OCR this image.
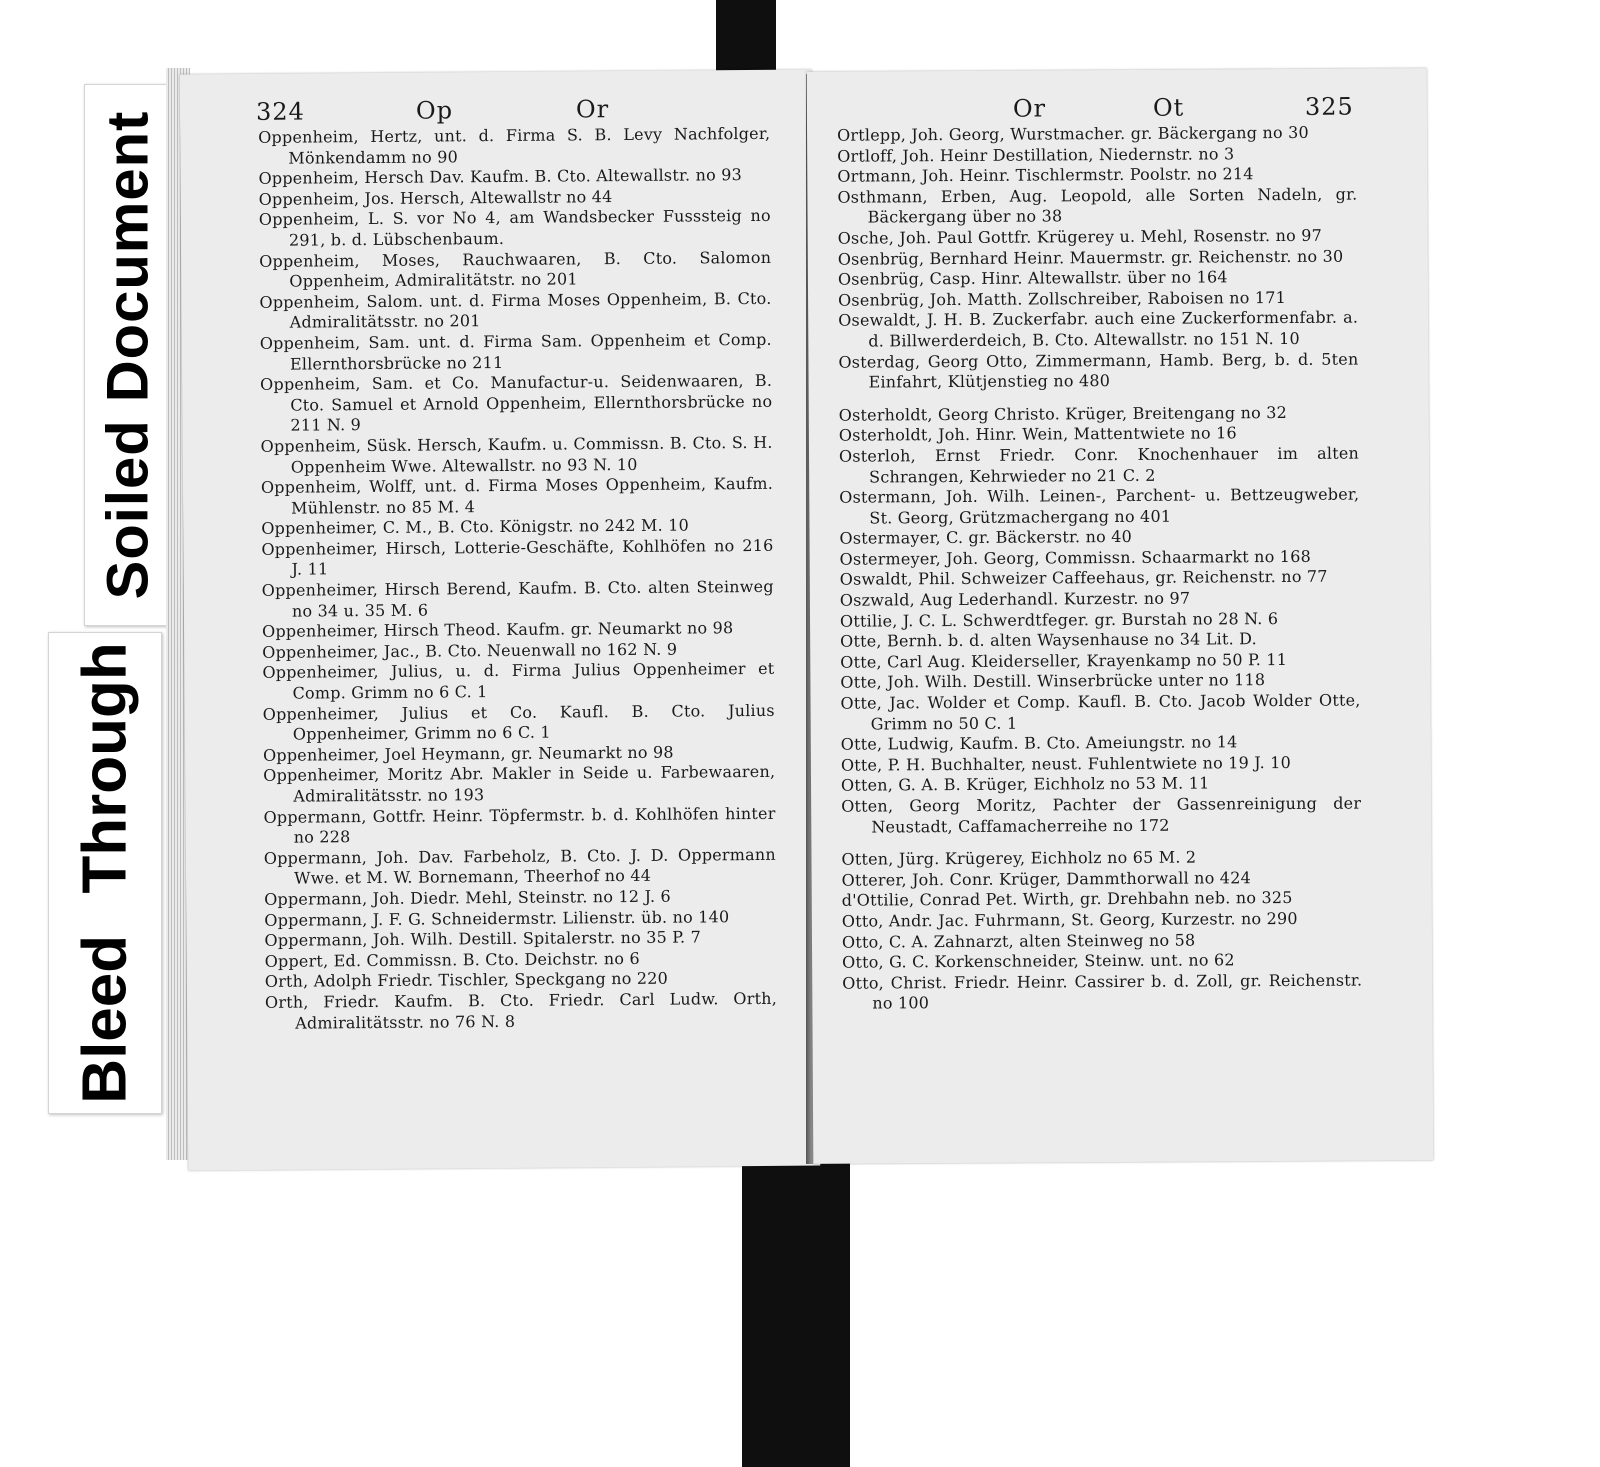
Soiled Document
Bleed Through
324	Op	Or
Oppenheim, Hertz, unt. d. Firma S. B. Levy Nachfolger, Mönkendamm no 90
Oppenheim, Hersch Dav. Kaufm. B. Cto. Altewallstr. no 93
Oppenheim, Jos. Hersch, Altewallstr no 44
Oppenheim, L. S. vor No 4, am Wandsbecker Fusssteig no 291, b. d. Lübschenbaum.
Oppenheim, Moses, Rauchwaaren, B. Cto. Salomon Oppenheim, Admiralitätstr. no 201
Oppenheim, Salom. unt. d. Firma Moses Oppenheim, B. Cto. Admiralitätsstr. no 201
Oppenheim, Sam. unt. d. Firma Sam. Oppenheim et Comp. Ellernthorsbrücke no 211
Oppenheim, Sam. et Co. Manufactur-u. Seidenwaaren, B. Cto. Samuel et Arnold Oppenheim, Ellernthorsbrücke no 211 N. 9
Oppenheim, Süsk. Hersch, Kaufm. u. Commissn. B. Cto. S. H. Oppenheim Wwe. Altewallstr. no 93 N. 10
Oppenheim, Wolff, unt. d. Firma Moses Oppenheim, Kaufm. Mühlenstr. no 85 M. 4
Oppenheimer, C. M., B. Cto. Königstr. no 242 M. 10
Oppenheimer, Hirsch, Lotterie-Geschäfte, Kohlhöfen no 216 J. 11
Oppenheimer, Hirsch Berend, Kaufm. B. Cto. alten Steinweg no 34 u. 35 M. 6
Oppenheimer, Hirsch Theod. Kaufm. gr. Neumarkt no 98
Oppenheimer, Jac., B. Cto. Neuenwall no 162 N. 9
Oppenheimer, Julius, u. d. Firma Julius Oppenheimer et Comp. Grimm no 6 C. 1
Oppenheimer, Julius et Co. Kaufl. B. Cto. Julius Oppenheimer, Grimm no 6 C. 1
Oppenheimer, Joel Heymann, gr. Neumarkt no 98
Oppenheimer, Moritz Abr. Makler in Seide u. Farbewaaren, Admiralitätsstr. no 193
Oppermann, Gottfr. Heinr. Töpfermstr. b. d. Kohlhöfen hinter no 228
Oppermann, Joh. Dav. Farbeholz, B. Cto. J. D. Oppermann Wwe. et M. W. Bornemann, Theerhof no 44
Oppermann, Joh. Diedr. Mehl, Steinstr. no 12 J. 6
Oppermann, J. F. G. Schneidermstr. Lilienstr. üb. no 140
Oppermann, Joh. Wilh. Destill. Spitalerstr. no 35 P. 7
Oppert, Ed. Commissn. B. Cto. Deichstr. no 6
Orth, Adolph Friedr. Tischler, Speckgang no 220
Orth, Friedr. Kaufm. B. Cto. Friedr. Carl Ludw. Orth, Admiralitätsstr. no 76 N. 8
Or	Ot	325
Ortlepp, Joh. Georg, Wurstmacher. gr. Bäckergang no 30
Ortloff, Joh. Heinr Destillation, Niedernstr. no 3
Ortmann, Joh. Heinr. Tischlermstr. Poolstr. no 214
Osthmann, Erben, Aug. Leopold, alle Sorten Nadeln, gr. Bäckergang über no 38
Osche, Joh. Paul Gottfr. Krügerey u. Mehl, Rosenstr. no 97
Osenbrüg, Bernhard Heinr. Mauermstr. gr. Reichenstr. no 30
Osenbrüg, Casp. Hinr. Altewallstr. über no 164
Osenbrüg, Joh. Matth. Zollschreiber, Raboisen no 171
Osewaldt, J. H. B. Zuckerfabr. auch eine Zuckerformenfabr. a. d. Billwerderdeich, B. Cto. Altewallstr. no 151 N. 10
Osterdag, Georg Otto, Zimmermann, Hamb. Berg, b. d. 5ten Einfahrt, Klütjenstieg no 480
Osterholdt, Georg Christo. Krüger, Breitengang no 32
Osterholdt, Joh. Hinr. Wein, Mattentwiete no 16
Osterloh, Ernst Friedr. Conr. Knochenhauer im alten Schrangen, Kehrwieder no 21 C. 2
Ostermann, Joh. Wilh. Leinen-, Parchent- u. Bettzeugweber, St. Georg, Grützmachergang no 401
Ostermayer, C. gr. Bäckerstr. no 40
Ostermeyer, Joh. Georg, Commissn. Schaarmarkt no 168
Oswaldt, Phil. Schweizer Caffeehaus, gr. Reichenstr. no 77
Oszwald, Aug Lederhandl. Kurzestr. no 97
Ottilie, J. C. L. Schwerdtfeger. gr. Burstah no 28 N. 6
Otte, Bernh. b. d. alten Waysenhause no 34 Lit. D.
Otte, Carl Aug. Kleiderseller, Krayenkamp no 50 P. 11
Otte, Joh. Wilh. Destill. Winserbrücke unter no 118
Otte, Jac. Wolder et Comp. Kaufl. B. Cto. Jacob Wolder Otte, Grimm no 50 C. 1
Otte, Ludwig, Kaufm. B. Cto. Ameiungstr. no 14
Otte, P. H. Buchhalter, neust. Fuhlentwiete no 19 J. 10
Otten, G. A. B. Krüger, Eichholz no 53 M. 11
Otten, Georg Moritz, Pachter der Gassenreinigung der Neustadt, Caffamacherreihe no 172
Otten, Jürg. Krügerey, Eichholz no 65 M. 2
Otterer, Joh. Conr. Krüger, Dammthorwall no 424
d'Ottilie, Conrad Pet. Wirth, gr. Drehbahn neb. no 325
Otto, Andr. Jac. Fuhrmann, St. Georg, Kurzestr. no 290
Otto, C. A. Zahnarzt, alten Steinweg no 58
Otto, G. C. Korkenschneider, Steinw. unt. no 62
Otto, Christ. Friedr. Heinr. Cassirer b. d. Zoll, gr. Reichenstr. no 100
